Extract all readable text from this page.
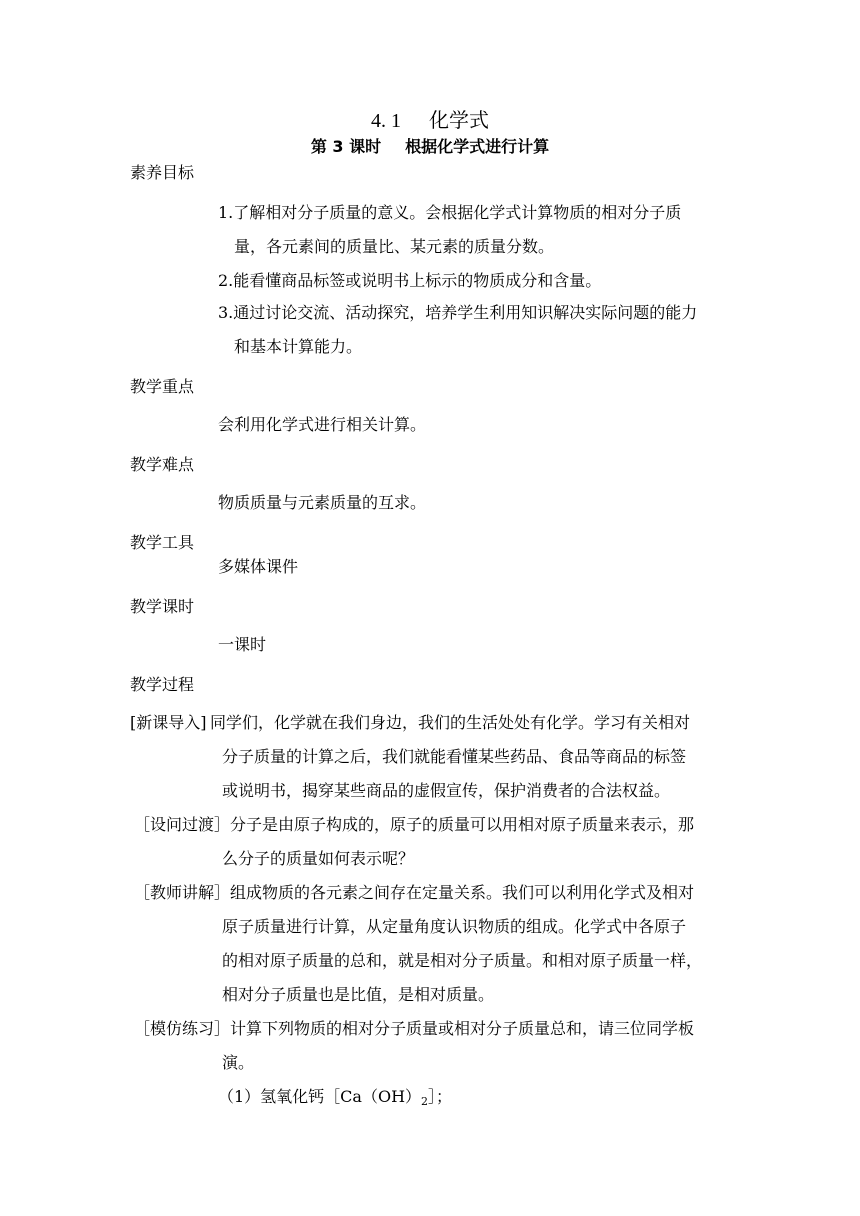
4. 1 化学式
第 3 课时 根据化学式进行计算
素养目标
1.了解相对分子质量的意义。会根据化学式计算物质的相对分子质
量，各元素间的质量比、某元素的质量分数。
2.能看懂商品标签或说明书上标示的物质成分和含量。
3.通过讨论交流、活动探究，培养学生利用知识解决实际问题的能力
和基本计算能力。
教学重点
会利用化学式进行相关计算。
教学难点
物质质量与元素质量的互求。
教学工具
多媒体课件
教学课时
一课时
教学过程
[新课导入] 同学们，化学就在我们身边，我们的生活处处有化学。学习有关相对
分子质量的计算之后，我们就能看懂某些药品、食品等商品的标签
或说明书，揭穿某些商品的虚假宣传，保护消费者的合法权益。
［设问过渡］ 分子是由原子构成的，原子的质量可以用相对原子质量来表示，那
么分子的质量如何表示呢？
［教师讲解］ 组成物质的各元素之间存在定量关系。我们可以利用化学式及相对
原子质量进行计算，从定量角度认识物质的组成。化学式中各原子
的相对原子质量的总和，就是相对分子质量。和相对原子质量一样，
相对分子质量也是比值，是相对质量。
［模仿练习］ 计算下列物质的相对分子质量或相对分子质量总和，请三位同学板
演。
（1）氢氧化钙$[Ca(OH)_2]$；
